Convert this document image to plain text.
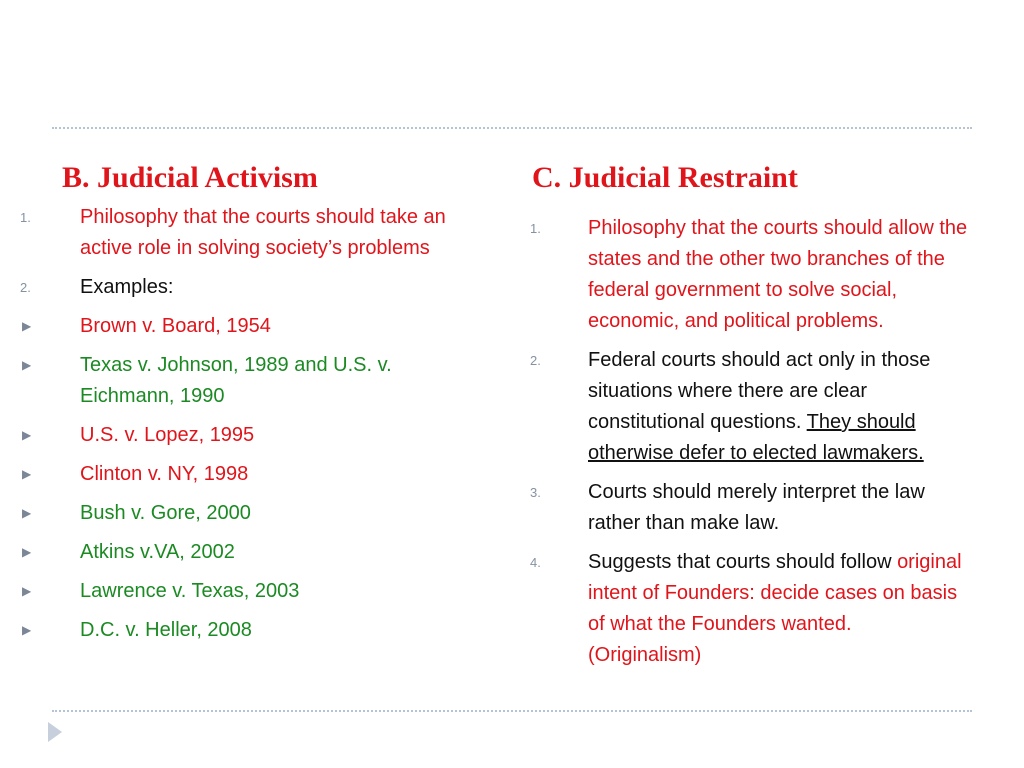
B. Judicial Activism
1.	Philosophy that the courts should take an active role in solving society’s problems
2.	Examples:
▶	Brown v. Board, 1954
▶	Texas v. Johnson, 1989 and U.S. v. Eichmann, 1990
▶	U.S. v. Lopez, 1995
▶	Clinton v. NY, 1998
▶	Bush v. Gore, 2000
▶	Atkins v.VA, 2002
▶	Lawrence v. Texas, 2003
▶	D.C. v. Heller, 2008
C. Judicial Restraint
1.	Philosophy that the courts should allow the states and the other two branches of the federal government to solve social, economic, and political problems.
2.	Federal courts should act only in those situations where there are clear constitutional questions. They should otherwise defer to elected lawmakers.
3.	Courts should merely interpret the law rather than make law.
4.	Suggests that courts should follow original intent of Founders: decide cases on basis of what the Founders wanted. (Originalism)
